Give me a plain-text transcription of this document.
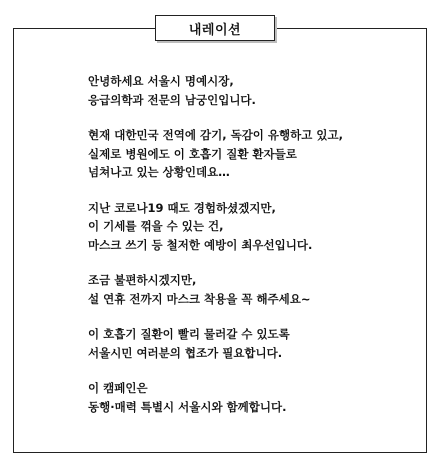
내레이션

안녕하세요 서울시 명예시장,
응급의학과 전문의 남궁인입니다.

현재 대한민국 전역에 감기, 독감이 유행하고 있고,
실제로 병원에도 이 호흡기 질환 환자들로
넘쳐나고 있는 상황인데요…

지난 코로나19 때도 경험하셨겠지만,
이 기세를 꺾을 수 있는 건,
마스크 쓰기 등 철저한 예방이 최우선입니다.

조금 불편하시겠지만,
설 연휴 전까지 마스크 착용을 꼭 해주세요~

이 호흡기 질환이 빨리 물러갈 수 있도록
서울시민 여러분의 협조가 필요합니다.

이 캠페인은
동행·매력 특별시 서울시와 함께합니다.
